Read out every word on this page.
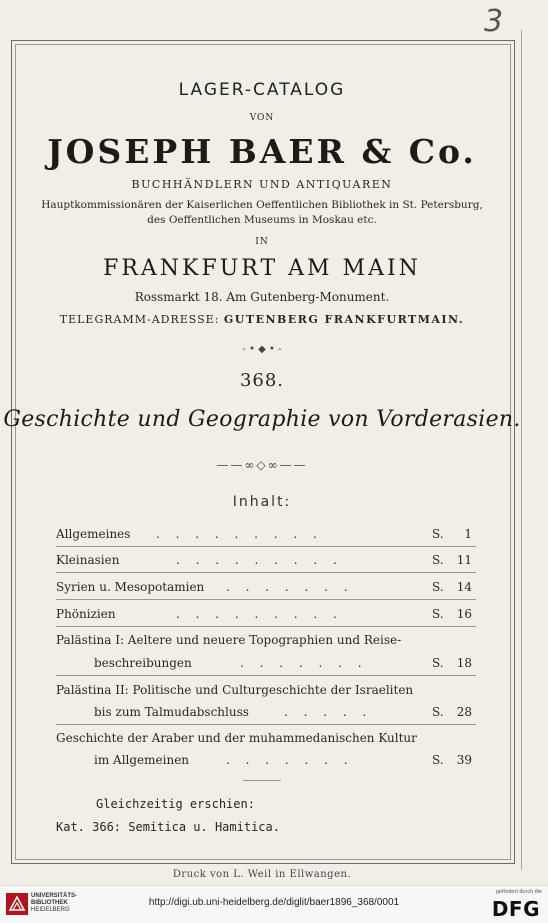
3
LAGER-CATALOG
VON
JOSEPH BAER & Co.
BUCHHÄNDLERN UND ANTIQUAREN
Hauptkommissionären der Kaiserlichen Oeffentlichen Bibliothek in St. Petersburg,
des Oeffentlichen Museums in Moskau etc.
IN
FRANKFURT AM MAIN
Rossmarkt 18. Am Gutenberg-Monument.
TELEGRAMM-ADRESSE: GUTENBERG FRANKFURTMAIN.
- • ◆ • -
368.
Geschichte und Geographie von Vorderasien.
——∞◇∞——
Inhalt:
Allgemeines . . . . . . . . .	S. 1
Kleinasien	. . . . . . . . .	S. 11
Syrien u. Mesopotamien . . . . . . .	S. 14
Phönizien	. . . . . . . . .	S. 16
Palästina I: Aeltere und neuere Topographien und Reise-
beschreibungen	. . . . . . .	S. 18
Palästina II: Politische und Culturgeschichte der Israeliten
bis zum Talmudabschluss	. . . . .	S. 28
Geschichte der Araber und der muhammedanischen Kultur
im Allgemeinen	. . . . . . .	S. 39
Gleichzeitig erschien:
Kat. 366: Semitica u. Hamitica.
Druck von L. Weil in Ellwangen.
UNIVERSITÄTS-
BIBLIOTHEK
HEIDELBERG
http://digi.ub.uni-heidelberg.de/diglit/baer1896_368/0001
gefördert durch die
DFG
